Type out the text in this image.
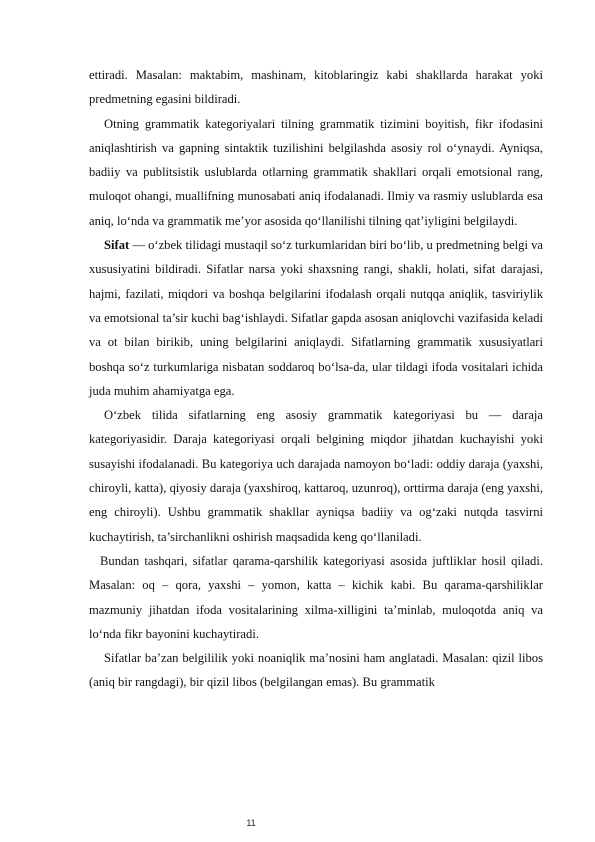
ettiradi. Masalan: maktabim, mashinam, kitoblaringiz kabi shakllarda harakat yoki predmetning egasini bildiradi.

Otning grammatik kategoriyalari tilning grammatik tizimini boyitish, fikr ifodasini aniqlashtirish va gapning sintaktik tuzilishini belgilashda asosiy rol o‘ynaydi. Ayniqsa, badiiy va publitsistik uslublarda otlarning grammatik shakllari orqali emotsional rang, muloqot ohangi, muallifning munosabati aniq ifodalanadi. Ilmiy va rasmiy uslublarda esa aniq, lo‘nda va grammatik me’yor asosida qo‘llanilishi tilning qat’iyligini belgilaydi.

Sifat — o‘zbek tilidagi mustaqil so‘z turkumlaridan biri bo‘lib, u predmetning belgi va xususiyatini bildiradi. Sifatlar narsa yoki shaxsning rangi, shakli, holati, sifat darajasi, hajmi, fazilati, miqdori va boshqa belgilarini ifodalash orqali nutqqa aniqlik, tasviriylik va emotsional ta’sir kuchi bag‘ishlaydi. Sifatlar gapda asosan aniqlovchi vazifasida keladi va ot bilan birikib, uning belgilarini aniqlaydi. Sifatlarning grammatik xususiyatlari boshqa so‘z turkumlariga nisbatan soddaroq bo‘lsa-da, ular tildagi ifoda vositalari ichida juda muhim ahamiyatga ega.

O‘zbek tilida sifatlarning eng asosiy grammatik kategoriyasi bu — daraja kategoriyasidir. Daraja kategoriyasi orqali belgining miqdor jihatdan kuchayishi yoki susayishi ifodalanadi. Bu kategoriya uch darajada namoyon bo‘ladi: oddiy daraja (yaxshi, chiroyli, katta), qiyosiy daraja (yaxshiroq, kattaroq, uzunroq), orttirma daraja (eng yaxshi, eng chiroyli). Ushbu grammatik shakllar ayniqsa badiiy va og‘zaki nutqda tasvirni kuchaytirish, ta’sirchanlikni oshirish maqsadida keng qo‘llaniladi.

Bundan tashqari, sifatlar qarama-qarshilik kategoriyasi asosida juftliklar hosil qiladi. Masalan: oq – qora, yaxshi – yomon, katta – kichik kabi. Bu qarama-qarshiliklar mazmuniy jihatdan ifoda vositalarining xilma-xilligini ta’minlab, muloqotda aniq va lo‘nda fikr bayonini kuchaytiradi.

Sifatlar ba’zan belgililik yoki noaniqlik ma’nosini ham anglatadi. Masalan: qizil libos (aniq bir rangdagi), bir qizil libos (belgilangan emas). Bu grammatik

11
